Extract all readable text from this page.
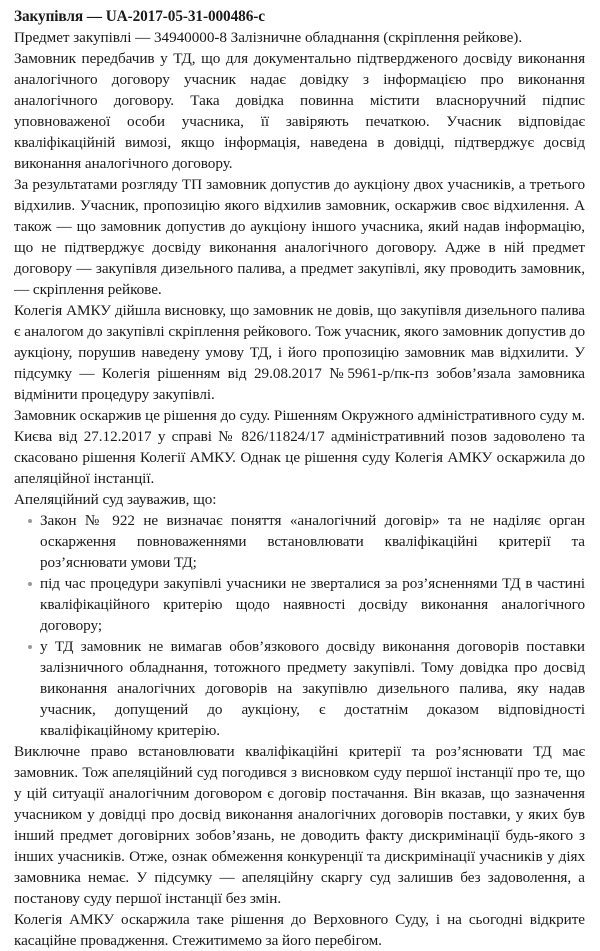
Закупівля — UA-2017-05-31-000486-c

Предмет закупівлі — 34940000-8 Залізничне обладнання (скріплення рейкове).

Замовник передбачив у ТД, що для документально підтвердженого досвіду виконання аналогічного договору учасник надає довідку з інформацією про виконання аналогічного договору. Така довідка повинна містити власноручний підпис уповноваженої особи учасника, її завіряють печаткою. Учасник відповідає кваліфікаційній вимозі, якщо інформація, наведена в довідці, підтверджує досвід виконання аналогічного договору.

За результатами розгляду ТП замовник допустив до аукціону двох учасників, а третього відхилив. Учасник, пропозицію якого відхилив замовник, оскаржив своє відхилення. А також — що замовник допустив до аукціону іншого учасника, який надав інформацію, що не підтверджує досвіду виконання аналогічного договору. Адже в ній предмет договору — закупівля дизельного палива, а предмет закупівлі, яку проводить замовник, — скріплення рейкове.

Колегія АМКУ дійшла висновку, що замовник не довів, що закупівля дизельного палива є аналогом до закупівлі скріплення рейкового. Тож учасник, якого замовник допустив до аукціону, порушив наведену умову ТД, і його пропозицію замовник мав відхилити. У підсумку — Колегія рішенням від 29.08.2017 №5961-р/пк-пз зобов’язала замовника відмінити процедуру закупівлі.

Замовник оскаржив це рішення до суду. Рішенням Окружного адміністративного суду м. Києва від 27.12.2017 у справі № 826/11824/17 адміністративний позов задоволено та скасовано рішення Колегії АМКУ. Однак це рішення суду Колегія АМКУ оскаржила до апеляційної інстанції.

Апеляційний суд зауважив, що:

Закон № 922 не визначає поняття «аналогічний договір» та не наділяє орган оскарження повноваженнями встановлювати кваліфікаційні критерії та роз’яснювати умови ТД;
під час процедури закупівлі учасники не зверталися за роз’ясненнями ТД в частині кваліфікаційного критерію щодо наявності досвіду виконання аналогічного договору;
у ТД замовник не вимагав обов’язкового досвіду виконання договорів поставки залізничного обладнання, тотожного предмету закупівлі. Тому довідка про досвід виконання аналогічних договорів на закупівлю дизельного палива, яку надав учасник, допущений до аукціону, є достатнім доказом відповідності кваліфікаційному критерію.

Виключне право встановлювати кваліфікаційні критерії та роз’яснювати ТД має замовник. Тож апеляційний суд погодився з висновком суду першої інстанції про те, що у цій ситуації аналогічним договором є договір постачання. Він вказав, що зазначення учасником у довідці про досвід виконання аналогічних договорів поставки, у яких був інший предмет договірних зобов’язань, не доводить факту дискримінації будь-якого з інших учасників. Отже, ознак обмеження конкуренції та дискримінації учасників у діях замовника немає. У підсумку — апеляційну скаргу суд залишив без задоволення, а постанову суду першої інстанції без змін.

Колегія АМКУ оскаржила таке рішення до Верховного Суду, і на сьогодні відкрите касаційне провадження. Стежитимемо за його перебігом.
